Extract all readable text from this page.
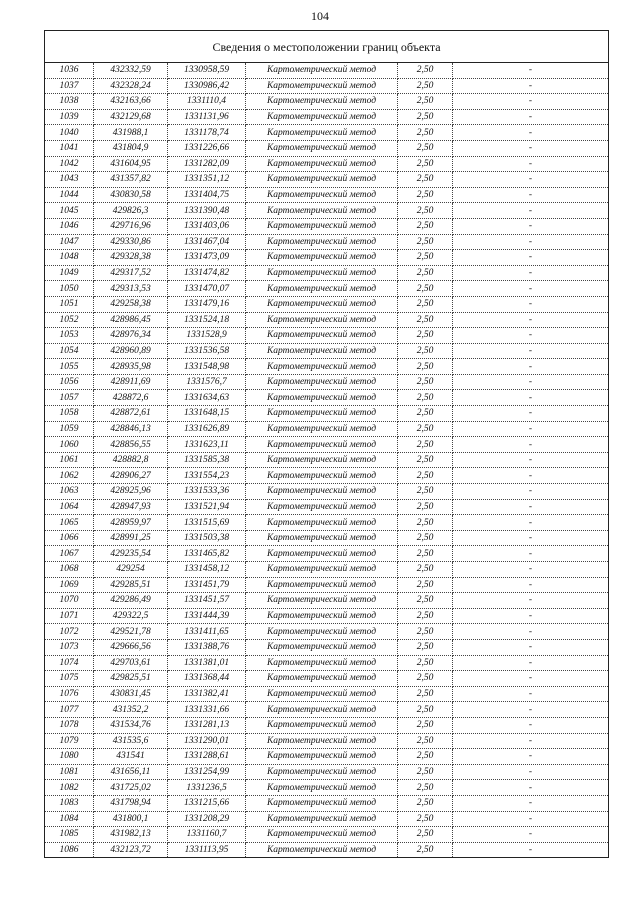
104
Сведения о местоположении границ объекта					
1036	432332,59	1330958,59	Картометрический метод	2,50	-
1037	432328,24	1330986,42	Картометрический метод	2,50	-
1038	432163,66	1331110,4	Картометрический метод	2,50	-
1039	432129,68	1331131,96	Картометрический метод	2,50	-
1040	431988,1	1331178,74	Картометрический метод	2,50	-
1041	431804,9	1331226,66	Картометрический метод	2,50	-
1042	431604,95	1331282,09	Картометрический метод	2,50	-
1043	431357,82	1331351,12	Картометрический метод	2,50	-
1044	430830,58	1331404,75	Картометрический метод	2,50	-
1045	429826,3	1331390,48	Картометрический метод	2,50	-
1046	429716,96	1331403,06	Картометрический метод	2,50	-
1047	429330,86	1331467,04	Картометрический метод	2,50	-
1048	429328,38	1331473,09	Картометрический метод	2,50	-
1049	429317,52	1331474,82	Картометрический метод	2,50	-
1050	429313,53	1331470,07	Картометрический метод	2,50	-
1051	429258,38	1331479,16	Картометрический метод	2,50	-
1052	428986,45	1331524,18	Картометрический метод	2,50	-
1053	428976,34	1331528,9	Картометрический метод	2,50	-
1054	428960,89	1331536,58	Картометрический метод	2,50	-
1055	428935,98	1331548,98	Картометрический метод	2,50	-
1056	428911,69	1331576,7	Картометрический метод	2,50	-
1057	428872,6	1331634,63	Картометрический метод	2,50	-
1058	428872,61	1331648,15	Картометрический метод	2,50	-
1059	428846,13	1331626,89	Картометрический метод	2,50	-
1060	428856,55	1331623,11	Картометрический метод	2,50	-
1061	428882,8	1331585,38	Картометрический метод	2,50	-
1062	428906,27	1331554,23	Картометрический метод	2,50	-
1063	428925,96	1331533,36	Картометрический метод	2,50	-
1064	428947,93	1331521,94	Картометрический метод	2,50	-
1065	428959,97	1331515,69	Картометрический метод	2,50	-
1066	428991,25	1331503,38	Картометрический метод	2,50	-
1067	429235,54	1331465,82	Картометрический метод	2,50	-
1068	429254	1331458,12	Картометрический метод	2,50	-
1069	429285,51	1331451,79	Картометрический метод	2,50	-
1070	429286,49	1331451,57	Картометрический метод	2,50	-
1071	429322,5	1331444,39	Картометрический метод	2,50	-
1072	429521,78	1331411,65	Картометрический метод	2,50	-
1073	429666,56	1331388,76	Картометрический метод	2,50	-
1074	429703,61	1331381,01	Картометрический метод	2,50	-
1075	429825,51	1331368,44	Картометрический метод	2,50	-
1076	430831,45	1331382,41	Картометрический метод	2,50	-
1077	431352,2	1331331,66	Картометрический метод	2,50	-
1078	431534,76	1331281,13	Картометрический метод	2,50	-
1079	431535,6	1331290,01	Картометрический метод	2,50	-
1080	431541	1331288,61	Картометрический метод	2,50	-
1081	431656,11	1331254,99	Картометрический метод	2,50	-
1082	431725,02	1331236,5	Картометрический метод	2,50	-
1083	431798,94	1331215,66	Картометрический метод	2,50	-
1084	431800,1	1331208,29	Картометрический метод	2,50	-
1085	431982,13	1331160,7	Картометрический метод	2,50	-
1086	432123,72	1331113,95	Картометрический метод	2,50	-
